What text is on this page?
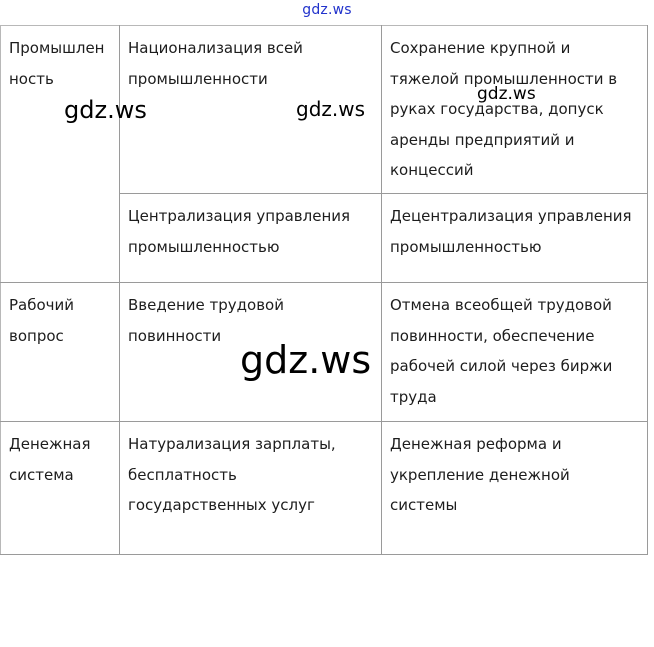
gdz.ws
Промышлен ность	Национализация всей промышленности	Сохранение крупной и тяжелой промышленности в руках государства, допуск аренды предприятий и концессий
	Централизация управления промышленностью	Децентрализация управления промышленностью
Рабочий вопрос	Введение трудовой повинности	Отмена всеобщей трудовой повинности, обеспечение рабочей силой через биржи труда
Денежная система	Натурализация зарплаты, бесплатность государственных услуг	Денежная реформа и укрепление денежной системы
gdz.ws	gdz.ws
gdz.ws
gdz.ws
